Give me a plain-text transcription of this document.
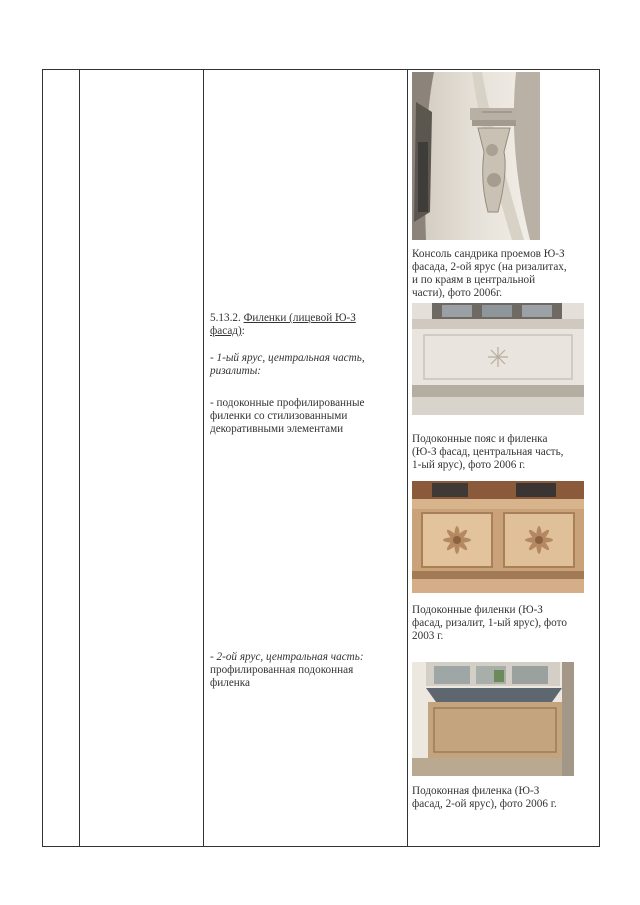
5.13.2. Филенки (лицевой Ю-З
фасад):
- 1-ый ярус, центральная часть,
ризалиты:
- подоконные профилированные
филенки со стилизованными
декоративными элементами
- 2-ой ярус, центральная часть:
профилированная подоконная
филенка
Консоль сандрика проемов Ю-З
фасада, 2-ой ярус (на ризалитах,
и по краям в центральной
части), фото 2006г.
Подоконные пояс и филенка
(Ю-З фасад, центральная часть,
1-ый ярус), фото 2006 г.
Подоконные филенки (Ю-З
фасад, ризалит, 1-ый ярус), фото
2003 г.
Подоконная филенка (Ю-З
фасад, 2-ой ярус), фото 2006 г.
